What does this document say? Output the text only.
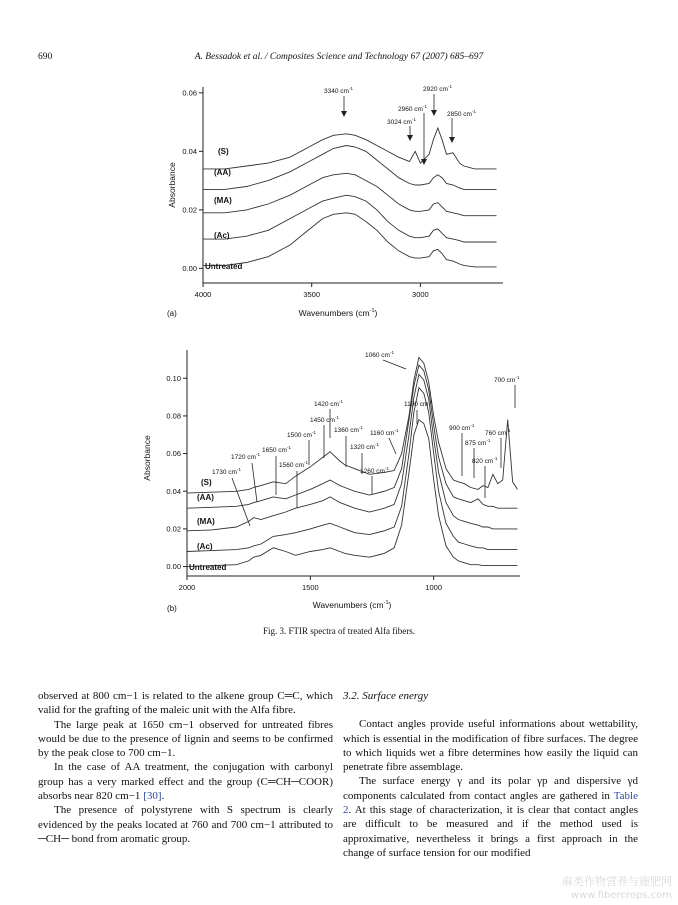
690	A. Bessadok et al. / Composites Science and Technology 67 (2007) 685–697
0.00
0.02
0.04
0.06
4000	3500	3000
Absorbance
Wavenumbers $(cm^{-1})$
(a)
(S)
(AA)
(MA)
(Ac)
Untreated
3340 $cm^{-1}$
3024 $cm^{-1}$
2960 $cm^{-1}$
2920 $cm^{-1}$
2850 $cm^{-1}$
0.00
0.02
0.04
0.06
0.08
0.10
2000	1500	1000
Absorbance
Wavenumbers $(cm^{-1})$
(b)
(S)
(AA)
(MA)
(Ac)
Untreated
1060 $cm^{-1}$
1730 $cm^{-1}$
1720 $cm^{-1}$
1650 $cm^{-1}$
1560 $cm^{-1}$
1500 $cm^{-1}$
1450 $cm^{-1}$
1420 $cm^{-1}$
1360 $cm^{-1}$
1320 $cm^{-1}$
1260 $cm^{-1}$
1160 $cm^{-1}$
1100 $cm^{-1}$
900 $cm^{-1}$
875 $cm^{-1}$
820 $cm^{-1}$
760 $cm^{-1}$
700 $cm^{-1}$
Fig. 3. FTIR spectra of treated Alfa fibers.

observed at 800 cm−1 is related to the alkene group C═C, which valid for the grafting of the maleic unit with the Alfa fibre.

The large peak at 1650 cm−1 observed for untreated fibres would be due to the presence of lignin and seems to be confirmed by the peak close to 700 cm−1.

In the case of AA treatment, the conjugation with carbonyl group has a very marked effect and the group (C═CH─COOR) absorbs near 820 cm−1 [30].

The presence of polystyrene with S spectrum is clearly evidenced by the peaks located at 760 and 700 cm−1 attributed to ─CH─ bond from aromatic group.

3.2. Surface energy

Contact angles provide useful informations about wettability, which is essential in the modification of fibre surfaces. The degree to which liquids wet a fibre determines how easily the liquid can penetrate fibre assemblage.

The surface energy γ and its polar γp and dispersive γd components calculated from contact angles are gathered in Table 2. At this stage of characterization, it is clear that contact angles are difficult to be measured and if the method used is approximative, nevertheless it brings a first approach in the change of surface tension for our modified

麻类作物营养与施肥网
www.fibercrops.com
